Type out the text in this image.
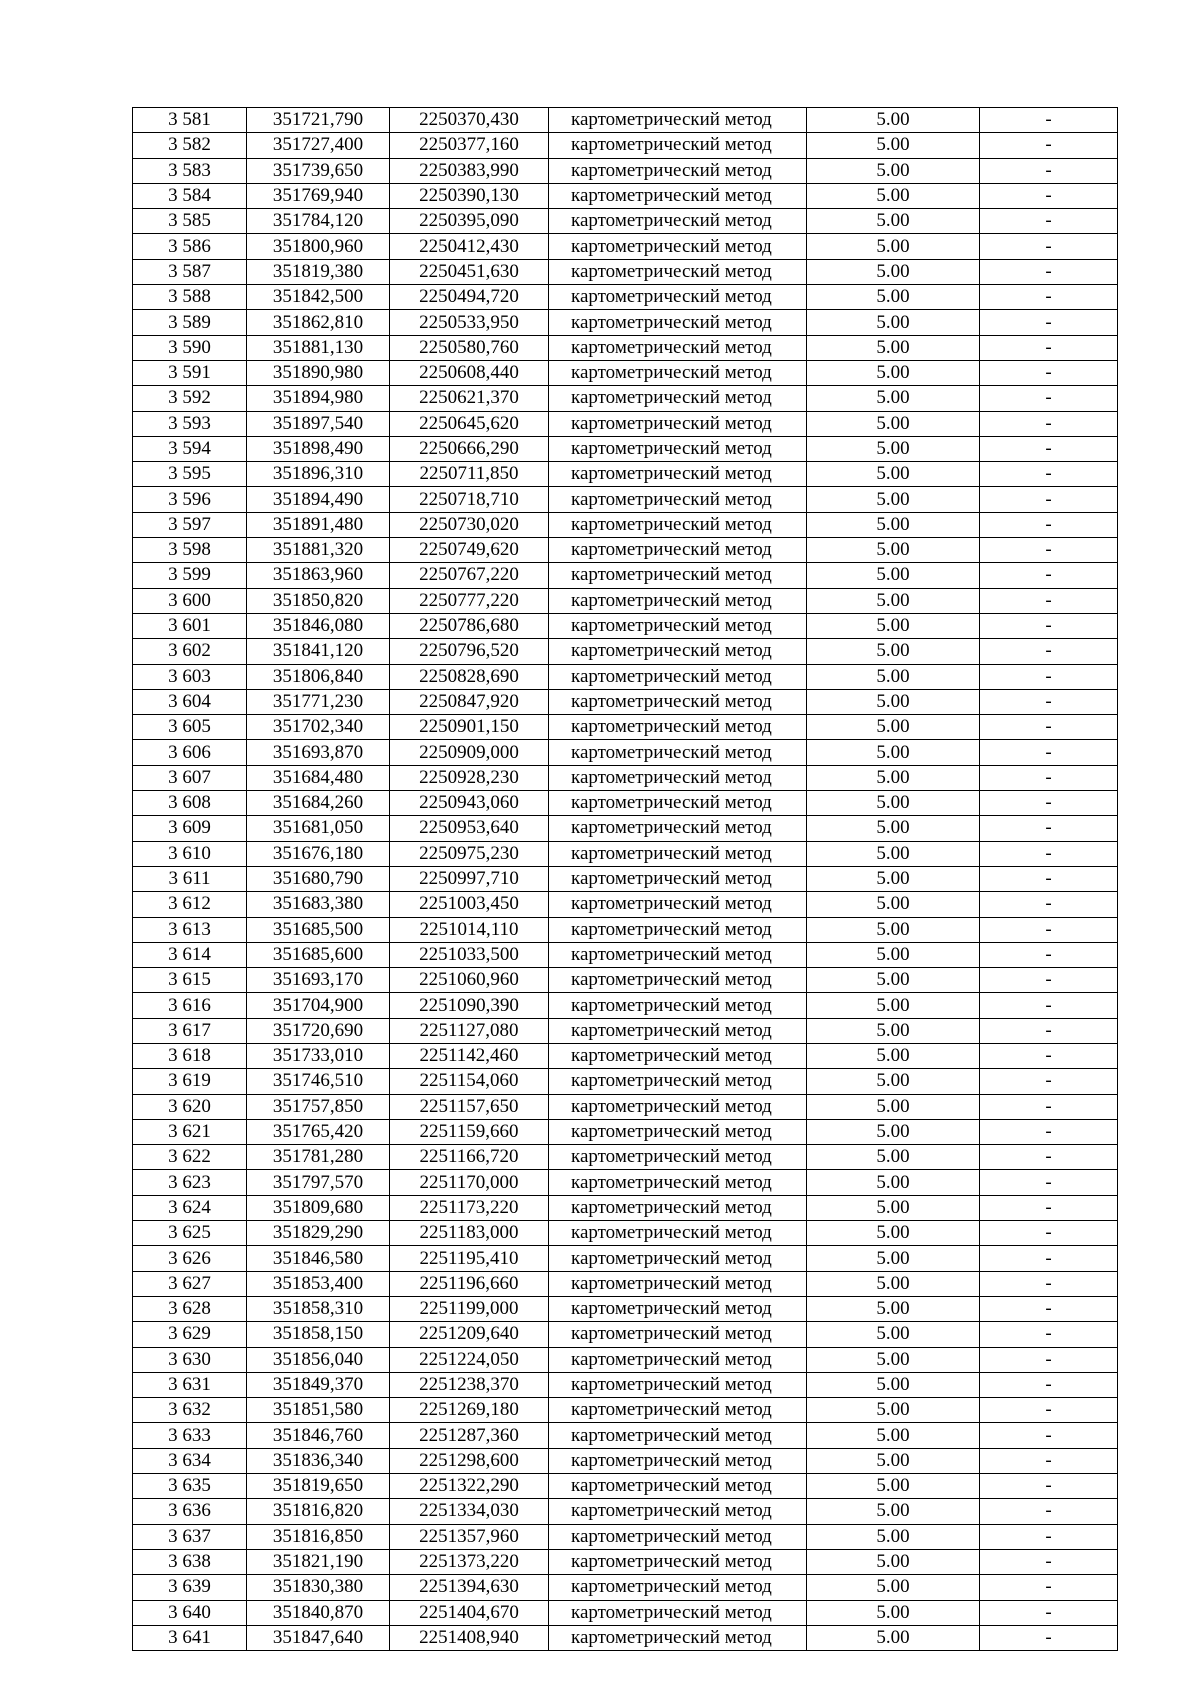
3 581	351721,790	2250370,430	картометрический метод	5.00	-
3 582	351727,400	2250377,160	картометрический метод	5.00	-
3 583	351739,650	2250383,990	картометрический метод	5.00	-
3 584	351769,940	2250390,130	картометрический метод	5.00	-
3 585	351784,120	2250395,090	картометрический метод	5.00	-
3 586	351800,960	2250412,430	картометрический метод	5.00	-
3 587	351819,380	2250451,630	картометрический метод	5.00	-
3 588	351842,500	2250494,720	картометрический метод	5.00	-
3 589	351862,810	2250533,950	картометрический метод	5.00	-
3 590	351881,130	2250580,760	картометрический метод	5.00	-
3 591	351890,980	2250608,440	картометрический метод	5.00	-
3 592	351894,980	2250621,370	картометрический метод	5.00	-
3 593	351897,540	2250645,620	картометрический метод	5.00	-
3 594	351898,490	2250666,290	картометрический метод	5.00	-
3 595	351896,310	2250711,850	картометрический метод	5.00	-
3 596	351894,490	2250718,710	картометрический метод	5.00	-
3 597	351891,480	2250730,020	картометрический метод	5.00	-
3 598	351881,320	2250749,620	картометрический метод	5.00	-
3 599	351863,960	2250767,220	картометрический метод	5.00	-
3 600	351850,820	2250777,220	картометрический метод	5.00	-
3 601	351846,080	2250786,680	картометрический метод	5.00	-
3 602	351841,120	2250796,520	картометрический метод	5.00	-
3 603	351806,840	2250828,690	картометрический метод	5.00	-
3 604	351771,230	2250847,920	картометрический метод	5.00	-
3 605	351702,340	2250901,150	картометрический метод	5.00	-
3 606	351693,870	2250909,000	картометрический метод	5.00	-
3 607	351684,480	2250928,230	картометрический метод	5.00	-
3 608	351684,260	2250943,060	картометрический метод	5.00	-
3 609	351681,050	2250953,640	картометрический метод	5.00	-
3 610	351676,180	2250975,230	картометрический метод	5.00	-
3 611	351680,790	2250997,710	картометрический метод	5.00	-
3 612	351683,380	2251003,450	картометрический метод	5.00	-
3 613	351685,500	2251014,110	картометрический метод	5.00	-
3 614	351685,600	2251033,500	картометрический метод	5.00	-
3 615	351693,170	2251060,960	картометрический метод	5.00	-
3 616	351704,900	2251090,390	картометрический метод	5.00	-
3 617	351720,690	2251127,080	картометрический метод	5.00	-
3 618	351733,010	2251142,460	картометрический метод	5.00	-
3 619	351746,510	2251154,060	картометрический метод	5.00	-
3 620	351757,850	2251157,650	картометрический метод	5.00	-
3 621	351765,420	2251159,660	картометрический метод	5.00	-
3 622	351781,280	2251166,720	картометрический метод	5.00	-
3 623	351797,570	2251170,000	картометрический метод	5.00	-
3 624	351809,680	2251173,220	картометрический метод	5.00	-
3 625	351829,290	2251183,000	картометрический метод	5.00	-
3 626	351846,580	2251195,410	картометрический метод	5.00	-
3 627	351853,400	2251196,660	картометрический метод	5.00	-
3 628	351858,310	2251199,000	картометрический метод	5.00	-
3 629	351858,150	2251209,640	картометрический метод	5.00	-
3 630	351856,040	2251224,050	картометрический метод	5.00	-
3 631	351849,370	2251238,370	картометрический метод	5.00	-
3 632	351851,580	2251269,180	картометрический метод	5.00	-
3 633	351846,760	2251287,360	картометрический метод	5.00	-
3 634	351836,340	2251298,600	картометрический метод	5.00	-
3 635	351819,650	2251322,290	картометрический метод	5.00	-
3 636	351816,820	2251334,030	картометрический метод	5.00	-
3 637	351816,850	2251357,960	картометрический метод	5.00	-
3 638	351821,190	2251373,220	картометрический метод	5.00	-
3 639	351830,380	2251394,630	картометрический метод	5.00	-
3 640	351840,870	2251404,670	картометрический метод	5.00	-
3 641	351847,640	2251408,940	картометрический метод	5.00	-
